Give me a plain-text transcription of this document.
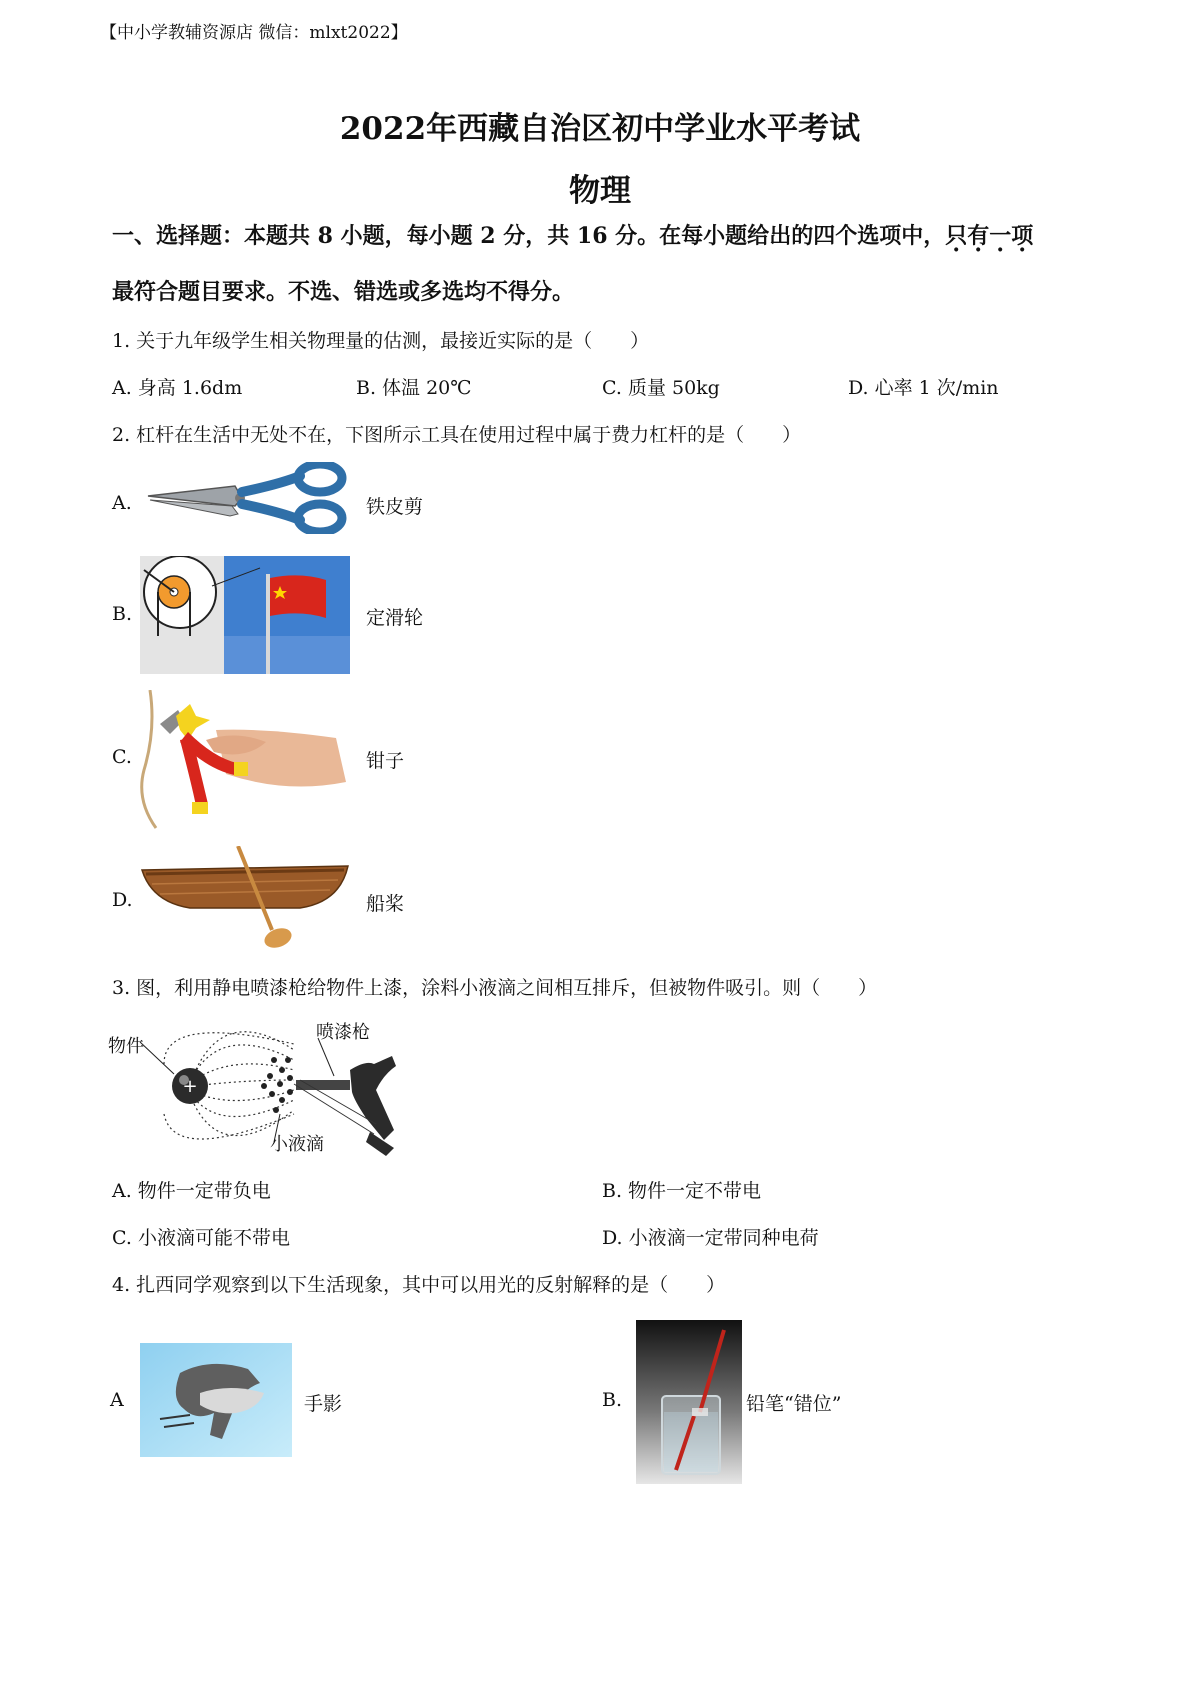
【中小学教辅资源店 微信：mlxt2022】
2022年西藏自治区初中学业水平考试
物理
一、选择题：本题共 8 小题，每小题 2 分，共 16 分。在每小题给出的四个选项中，只有一项
最符合题目要求。不选、错选或多选均不得分。
1. 关于九年级学生相关物理量的估测，最接近实际的是（　　）
A. 身高 1.6dm	B. 体温 20℃	C. 质量 50kg	D. 心率 1 次/min
2. 杠杆在生活中无处不在，下图所示工具在使用过程中属于费力杠杆的是（　　）
A.	铁皮剪
B.	定滑轮
C.	钳子
D.	船桨
3. 图，利用静电喷漆枪给物件上漆，涂料小液滴之间相互排斥，但被物件吸引。则（　　）
+
物件
喷漆枪
小液滴
A. 物件一定带负电	B. 物件一定不带电
C. 小液滴可能不带电	D. 小液滴一定带同种电荷
4. 扎西同学观察到以下生活现象，其中可以用光的反射解释的是（　　）
A	手影	B.	铅笔“错位”
